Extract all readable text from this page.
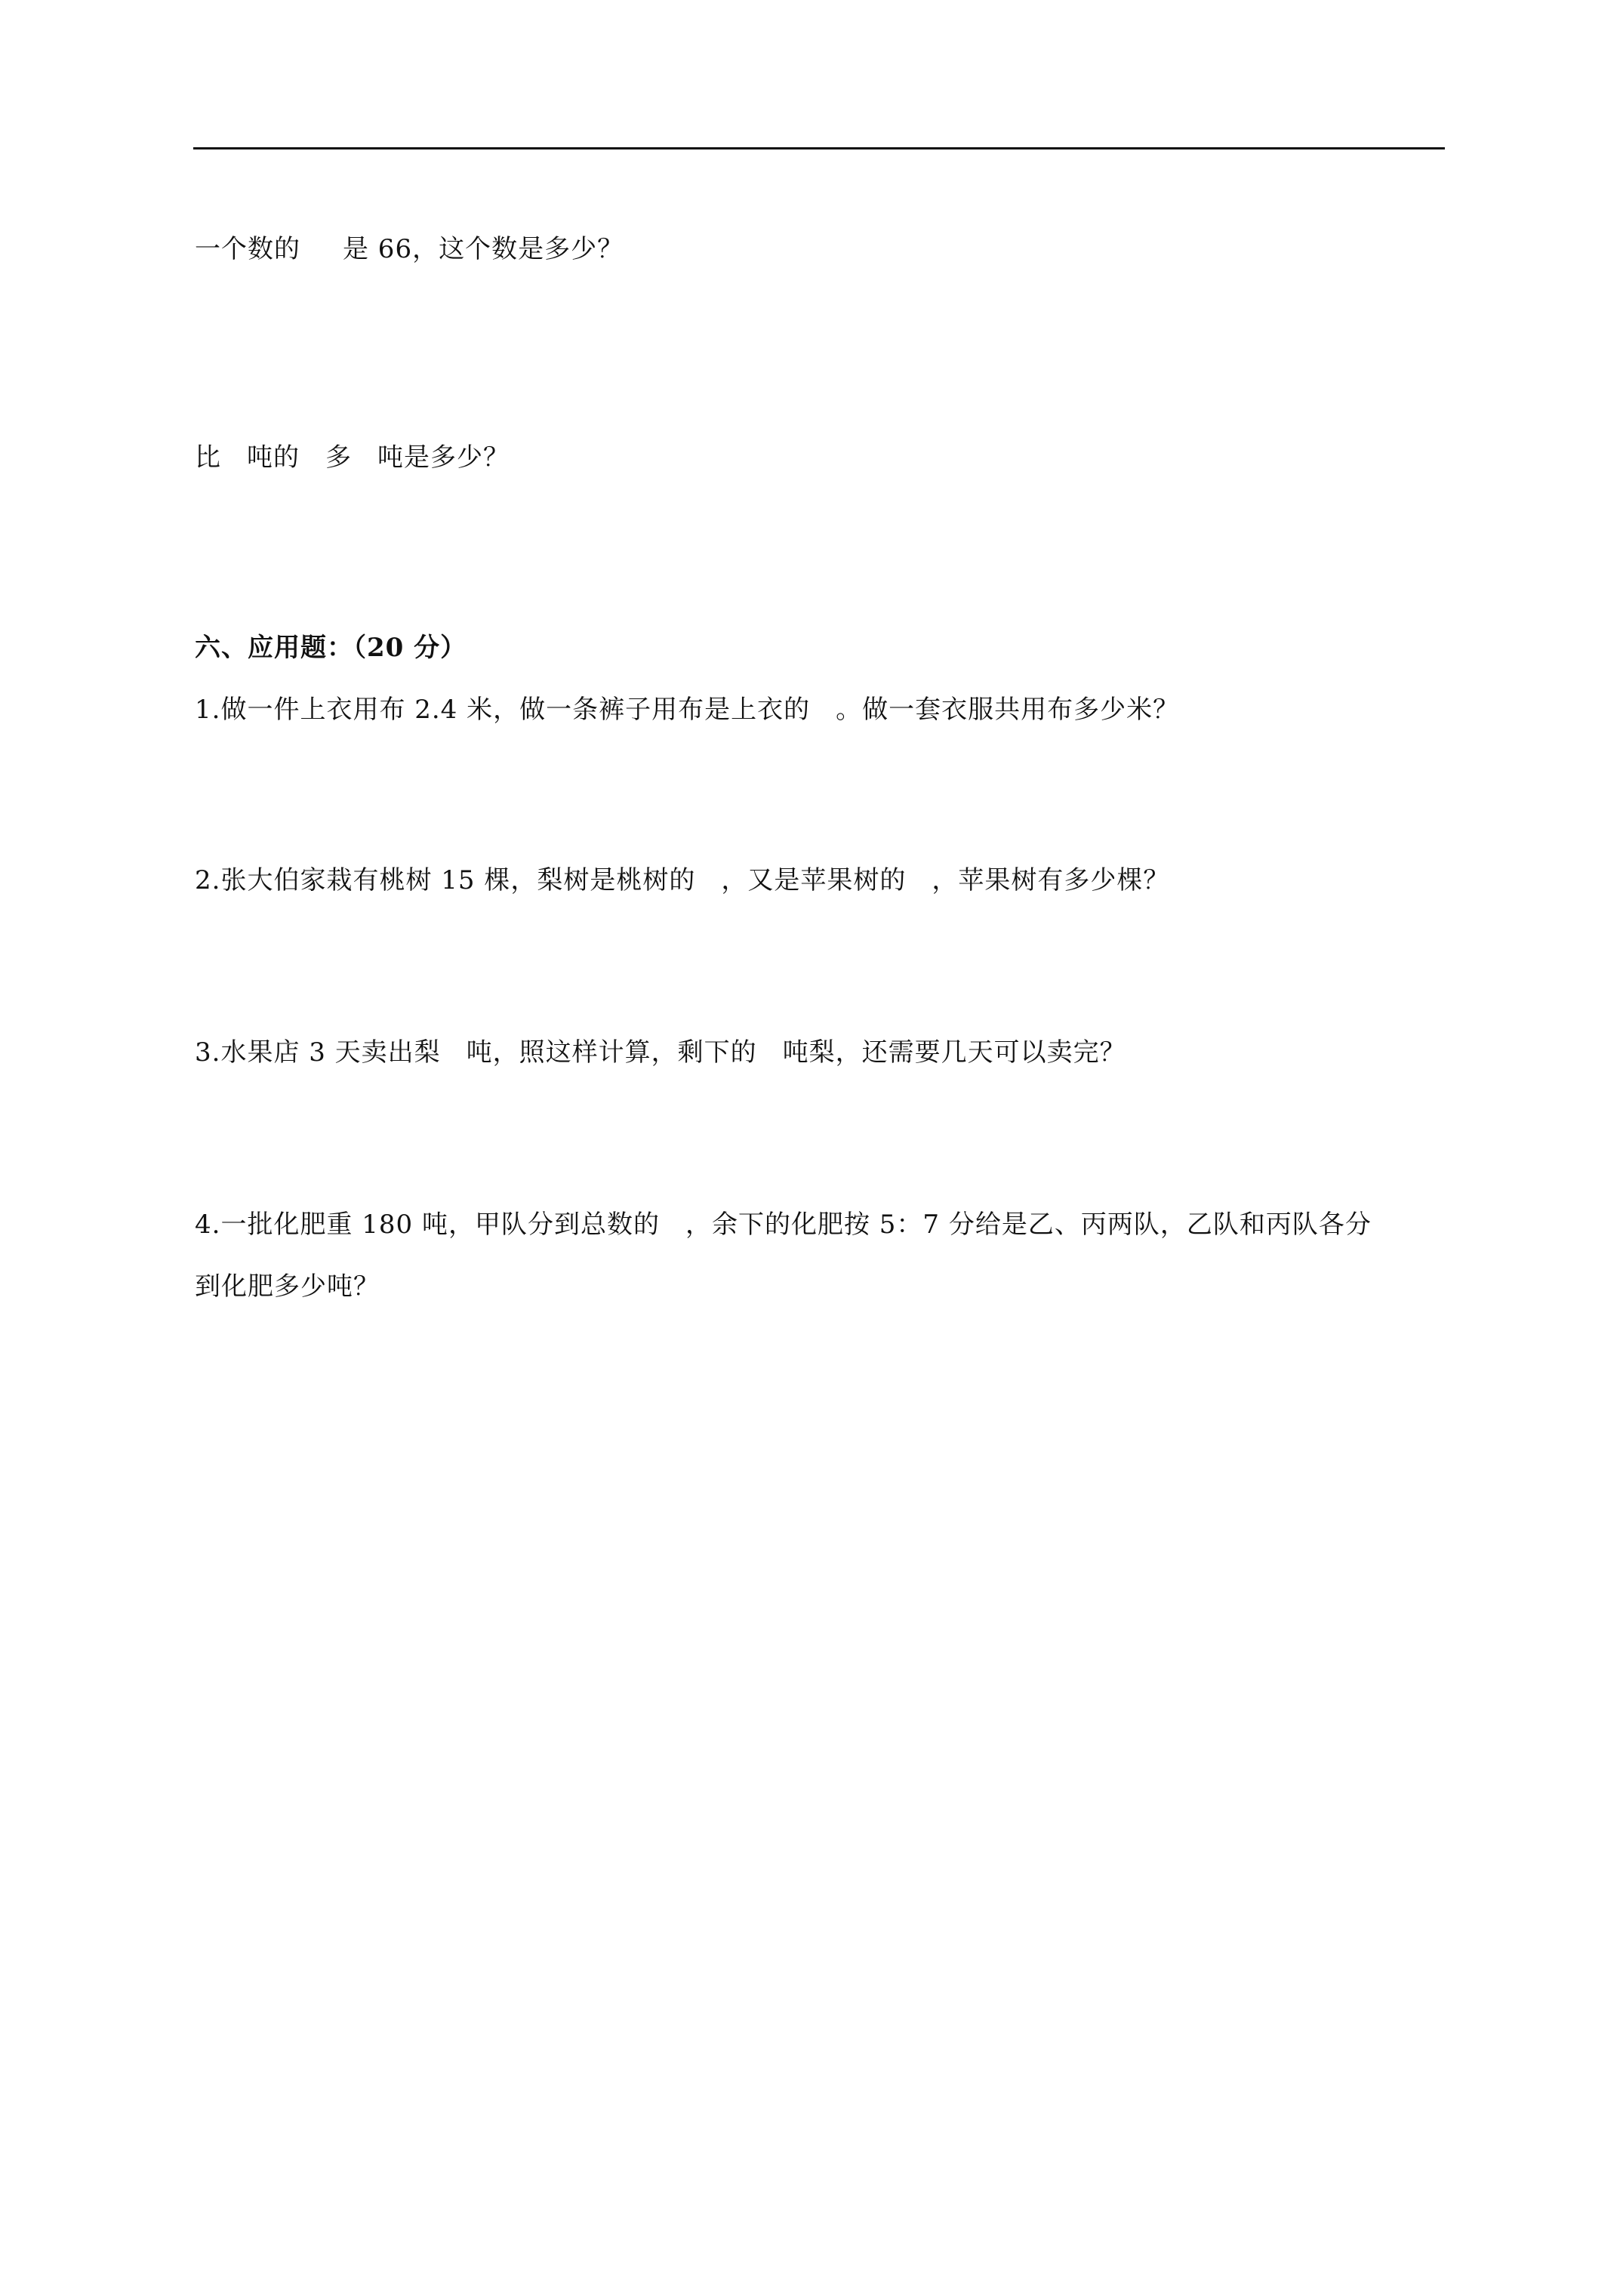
一个数的 是 66，这个数是多少？
比 吨的 多 吨是多少？
六、应用题：（20 分）
1.做一件上衣用布 2.4 米，做一条裤子用布是上衣的 。做一套衣服共用布多少米？
2.张大伯家栽有桃树 15 棵，梨树是桃树的 ，又是苹果树的 ，苹果树有多少棵？
3.水果店 3 天卖出梨 吨，照这样计算，剩下的 吨梨，还需要几天可以卖完？
4.一批化肥重 180 吨，甲队分到总数的 ，余下的化肥按 5：7 分给是乙、丙两队，乙队和丙队各分
到化肥多少吨？
